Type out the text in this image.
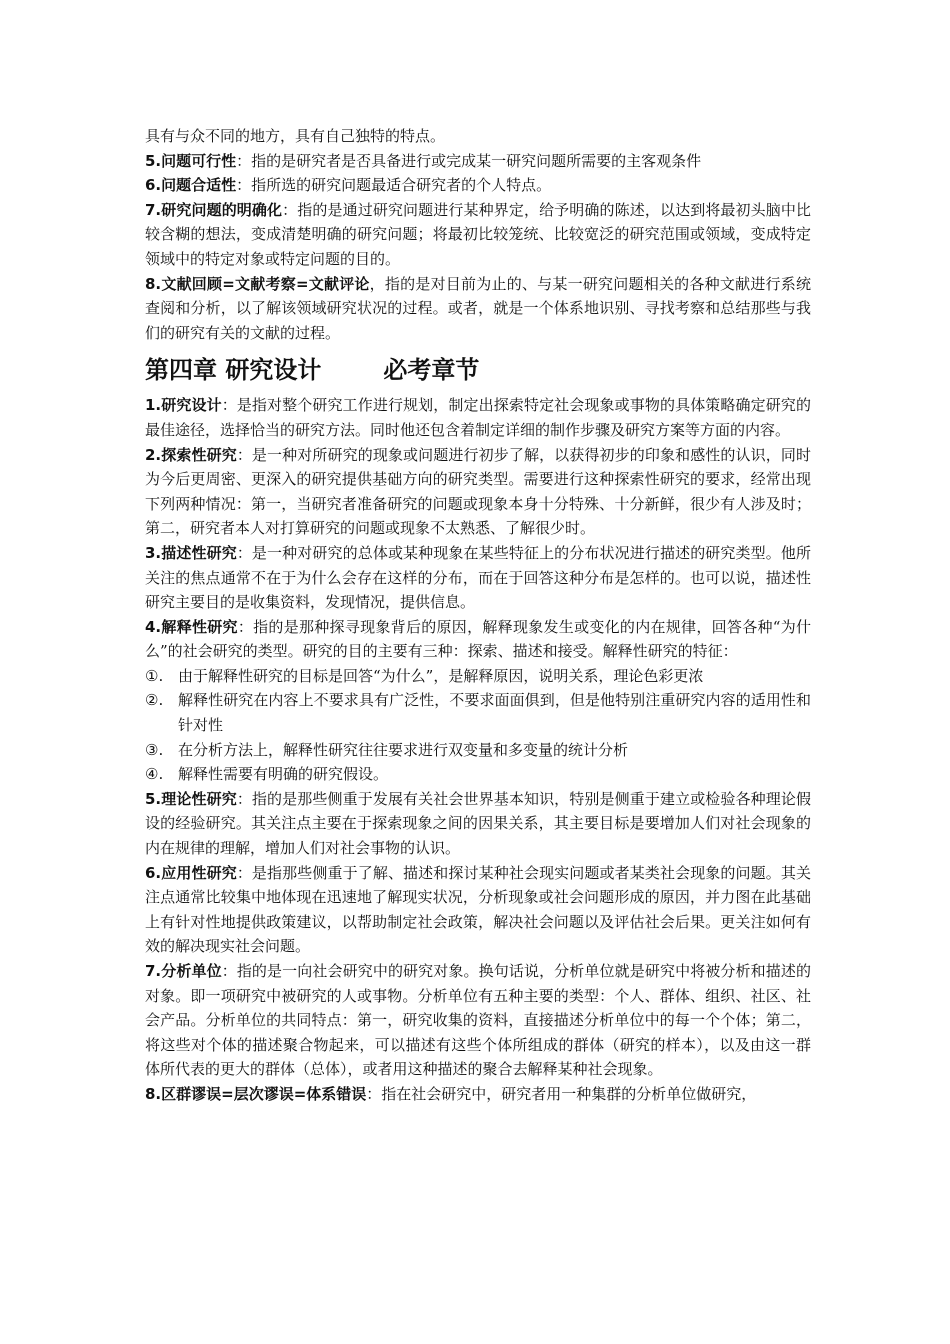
具有与众不同的地方，具有自己独特的特点。

5.问题可行性：指的是研究者是否具备进行或完成某一研究问题所需要的主客观条件

6.问题合适性：指所选的研究问题最适合研究者的个人特点。

7.研究问题的明确化：指的是通过研究问题进行某种界定，给予明确的陈述，以达到将最初头脑中比较含糊的想法，变成清楚明确的研究问题；将最初比较笼统、比较宽泛的研究范围或领域，变成特定领域中的特定对象或特定问题的目的。

8.文献回顾=文献考察=文献评论，指的是对目前为止的、与某一研究问题相关的各种文献进行系统查阅和分析，以了解该领域研究状况的过程。或者，就是一个体系地识别、寻找考察和总结那些与我们的研究有关的文献的过程。

第四章 研究设计	必考章节

1.研究设计：是指对整个研究工作进行规划，制定出探索特定社会现象或事物的具体策略确定研究的最佳途径，选择恰当的研究方法。同时他还包含着制定详细的制作步骤及研究方案等方面的内容。

2.探索性研究：是一种对所研究的现象或问题进行初步了解，以获得初步的印象和感性的认识，同时为今后更周密、更深入的研究提供基础方向的研究类型。需要进行这种探索性研究的要求，经常出现下列两种情况：第一，当研究者准备研究的问题或现象本身十分特殊、十分新鲜，很少有人涉及时；第二，研究者本人对打算研究的问题或现象不太熟悉、了解很少时。

3.描述性研究：是一种对研究的总体或某种现象在某些特征上的分布状况进行描述的研究类型。他所关注的焦点通常不在于为什么会存在这样的分布，而在于回答这种分布是怎样的。也可以说，描述性研究主要目的是收集资料，发现情况，提供信息。

4.解释性研究：指的是那种探寻现象背后的原因，解释现象发生或变化的内在规律，回答各种“为什么”的社会研究的类型。研究的目的主要有三种：探索、描述和接受。解释性研究的特征：

①. 由于解释性研究的目标是回答“为什么”，是解释原因，说明关系，理论色彩更浓
②. 解释性研究在内容上不要求具有广泛性，不要求面面俱到，但是他特别注重研究内容的适用性和针对性
③. 在分析方法上，解释性研究往往要求进行双变量和多变量的统计分析
④. 解释性需要有明确的研究假设。

5.理论性研究：指的是那些侧重于发展有关社会世界基本知识，特别是侧重于建立或检验各种理论假设的经验研究。其关注点主要在于探索现象之间的因果关系，其主要目标是要增加人们对社会现象的内在规律的理解，增加人们对社会事物的认识。

6.应用性研究：是指那些侧重于了解、描述和探讨某种社会现实问题或者某类社会现象的问题。其关注点通常比较集中地体现在迅速地了解现实状况，分析现象或社会问题形成的原因，并力图在此基础上有针对性地提供政策建议，以帮助制定社会政策，解决社会问题以及评估社会后果。更关注如何有效的解决现实社会问题。

7.分析单位：指的是一向社会研究中的研究对象。换句话说，分析单位就是研究中将被分析和描述的对象。即一项研究中被研究的人或事物。分析单位有五种主要的类型：个人、群体、组织、社区、社会产品。分析单位的共同特点：第一，研究收集的资料，直接描述分析单位中的每一个个体；第二，将这些对个体的描述聚合物起来，可以描述有这些个体所组成的群体（研究的样本），以及由这一群体所代表的更大的群体（总体），或者用这种描述的聚合去解释某种社会现象。

8.区群谬误=层次谬误=体系错误：指在社会研究中，研究者用一种集群的分析单位做研究，
